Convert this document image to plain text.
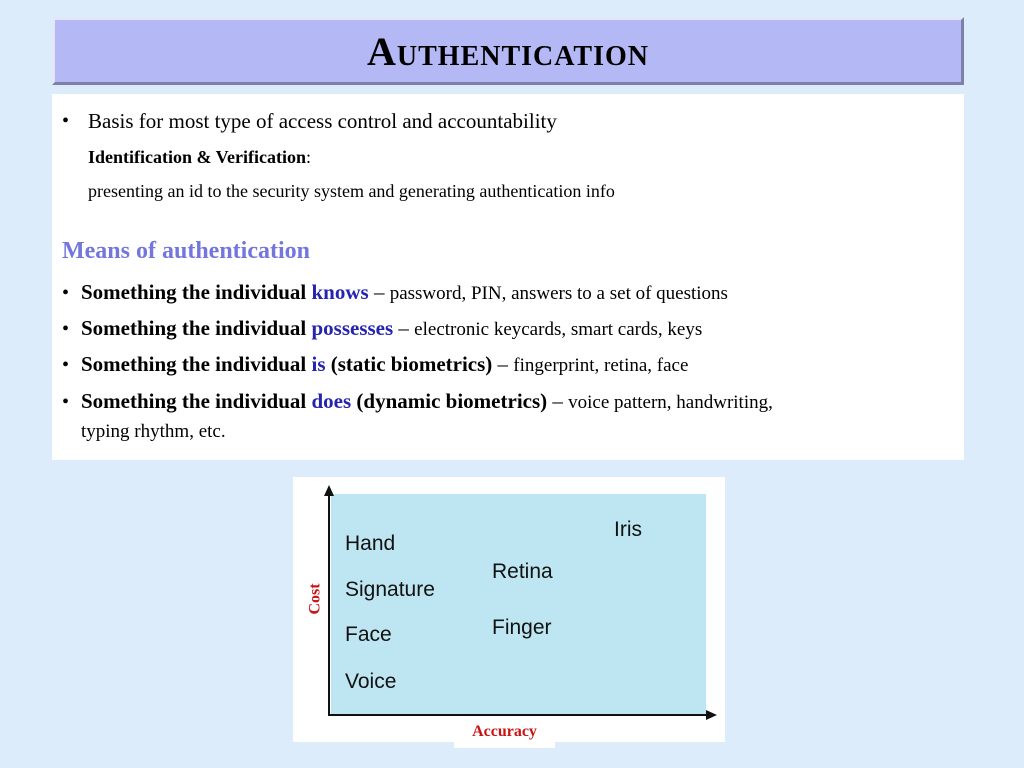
Authentication
• Basis for most type of access control and accountability
Identification & Verification:
presenting an id to the security system and generating authentication info
Means of authentication
• Something the individual knows – password, PIN, answers to a set of questions
• Something the individual possesses – electronic keycards, smart cards, keys
• Something the individual is (static biometrics) – fingerprint, retina, face
• Something the individual does (dynamic biometrics) – voice pattern, handwriting,
typing rhythm, etc.
Hand
Signature
Face
Voice
Retina
Finger
Iris
Cost
Accuracy
